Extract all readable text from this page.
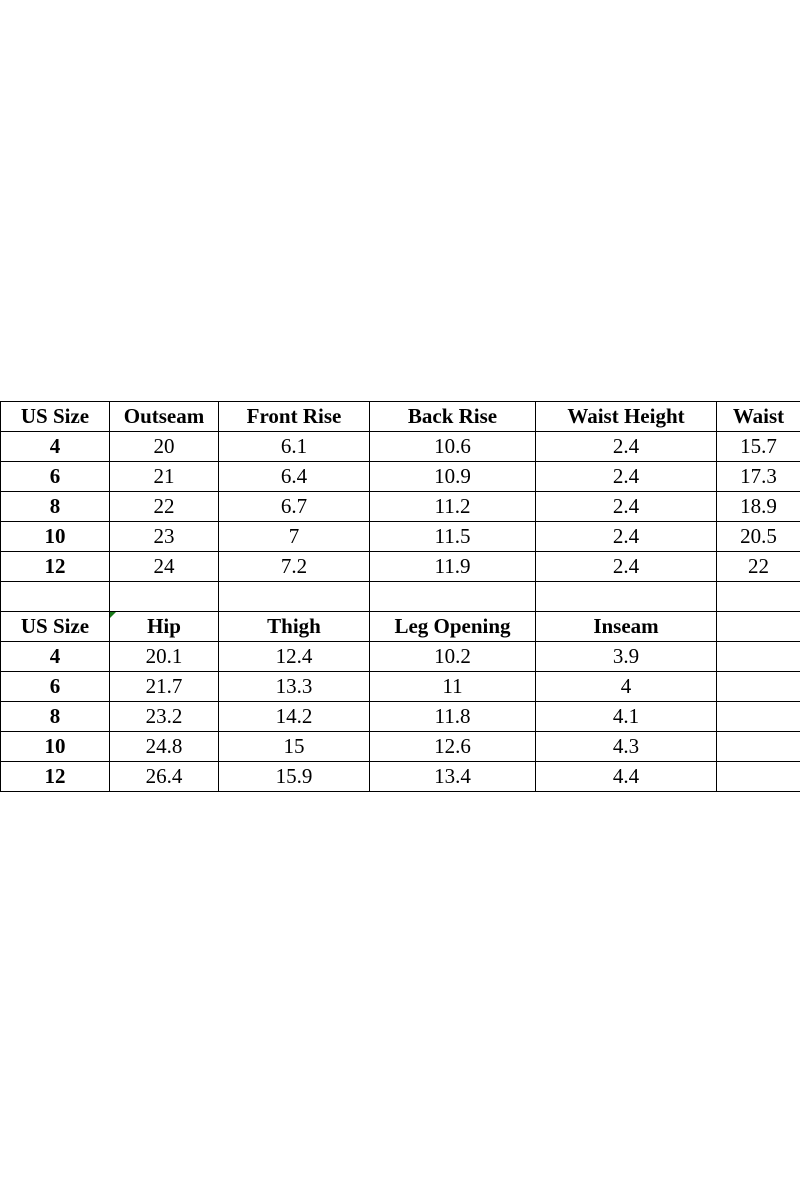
US Size	Outseam	Front Rise	Back Rise	Waist Height	Waist
4	20	6.1	10.6	2.4	15.7
6	21	6.4	10.9	2.4	17.3
8	22	6.7	11.2	2.4	18.9
10	23	7	11.5	2.4	20.5
12	24	7.2	11.9	2.4	22

US Size	Hip	Thigh	Leg Opening	Inseam	
4	20.1	12.4	10.2	3.9	
6	21.7	13.3	11	4	
8	23.2	14.2	11.8	4.1	
10	24.8	15	12.6	4.3	
12	26.4	15.9	13.4	4.4	
